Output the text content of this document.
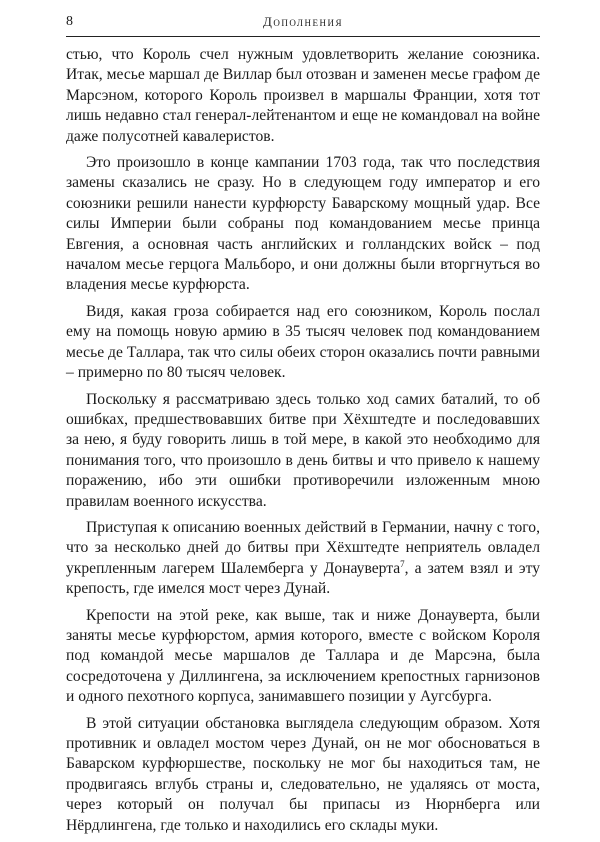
8	Дополнения

стью, что Король счел нужным удовлетворить желание союзника. Итак, месье маршал де Виллар был отозван и заменен месье графом де Марсэном, которого Король произвел в маршалы Франции, хотя тот лишь недавно стал генерал-лейтенантом и еще не командовал на войне даже полусотней кавалеристов.

Это произошло в конце кампании 1703 года, так что последствия замены сказались не сразу. Но в следующем году император и его союзники решили нанести курфюрсту Баварскому мощный удар. Все силы Империи были собраны под командованием месье принца Евгения, а основная часть английских и голландских войск – под началом месье герцога Мальборо, и они должны были вторгнуться во владения месье курфюрста.

Видя, какая гроза собирается над его союзником, Король послал ему на помощь новую армию в 35 тысяч человек под командованием месье де Таллара, так что силы обеих сторон оказались почти равными – примерно по 80 тысяч человек.

Поскольку я рассматриваю здесь только ход самих баталий, то об ошибках, предшествовавших битве при Хёхштедте и последовавших за нею, я буду говорить лишь в той мере, в какой это необходимо для понимания того, что произошло в день битвы и что привело к нашему поражению, ибо эти ошибки противоречили изложенным мною правилам военного искусства.

Приступая к описанию военных действий в Германии, начну с того, что за несколько дней до битвы при Хёхштедте неприятель овладел укрепленным лагерем Шалемберга у Донауверта$^7$, а затем взял и эту крепость, где имелся мост через Дунай.

Крепости на этой реке, как выше, так и ниже Донауверта, были заняты месье курфюрстом, армия которого, вместе с войском Короля под командой месье маршалов де Таллара и де Марсэна, была сосредоточена у Диллингена, за исключением крепостных гарнизонов и одного пехотного корпуса, занимавшего позиции у Аугсбурга.

В этой ситуации обстановка выглядела следующим образом. Хотя противник и овладел мостом через Дунай, он не мог обосноваться в Баварском курфюршестве, поскольку не мог бы находиться там, не продвигаясь вглубь страны и, следовательно, не удаляясь от моста, через который он получал бы припасы из Нюрнберга или Нёрдлингена, где только и находились его склады муки.
